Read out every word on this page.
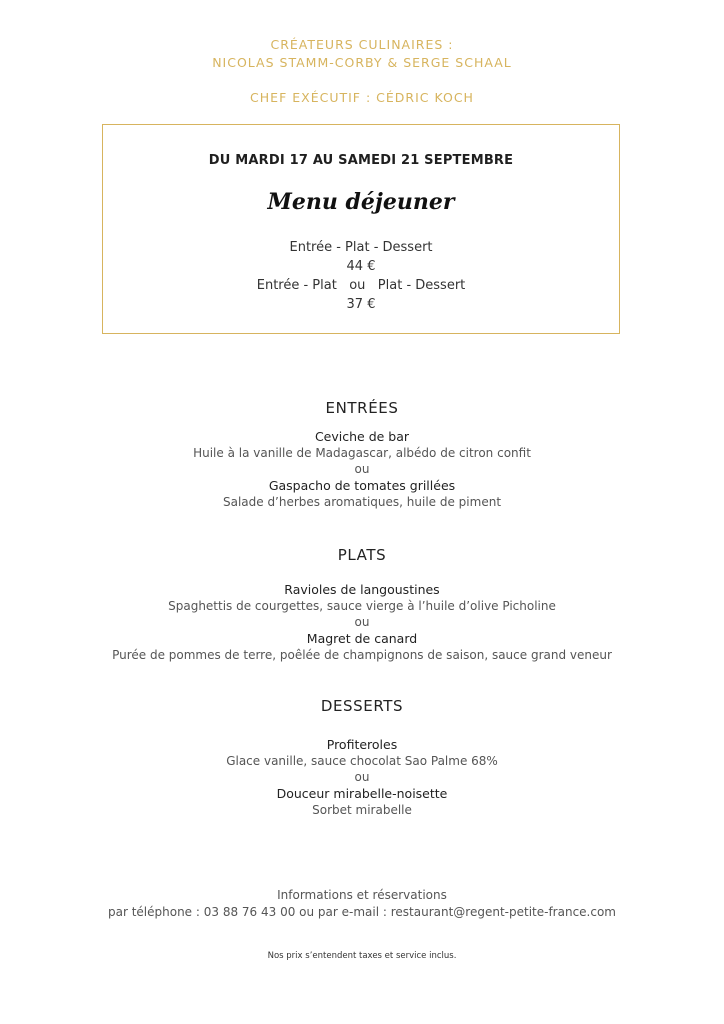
CRÉATEURS CULINAIRES :
NICOLAS STAMM-CORBY & SERGE SCHAAL
CHEF EXÉCUTIF : CÉDRIC KOCH
DU MARDI 17 AU SAMEDI 21 SEPTEMBRE
Menu déjeuner
Entrée - Plat - Dessert
44 €
Entrée - Plat   ou   Plat - Dessert
37 €
ENTRÉES
Ceviche de bar
Huile à la vanille de Madagascar, albédo de citron confit
ou
Gaspacho de tomates grillées
Salade d’herbes aromatiques, huile de piment
PLATS
Ravioles de langoustines
Spaghettis de courgettes, sauce vierge à l’huile d’olive Picholine
ou
Magret de canard
Purée de pommes de terre, poêlée de champignons de saison, sauce grand veneur
DESSERTS
Profiteroles
Glace vanille, sauce chocolat Sao Palme 68%
ou
Douceur mirabelle-noisette
Sorbet mirabelle
Informations et réservations
par téléphone : 03 88 76 43 00 ou par e-mail : restaurant@regent-petite-france.com
Nos prix s’entendent taxes et service inclus.
